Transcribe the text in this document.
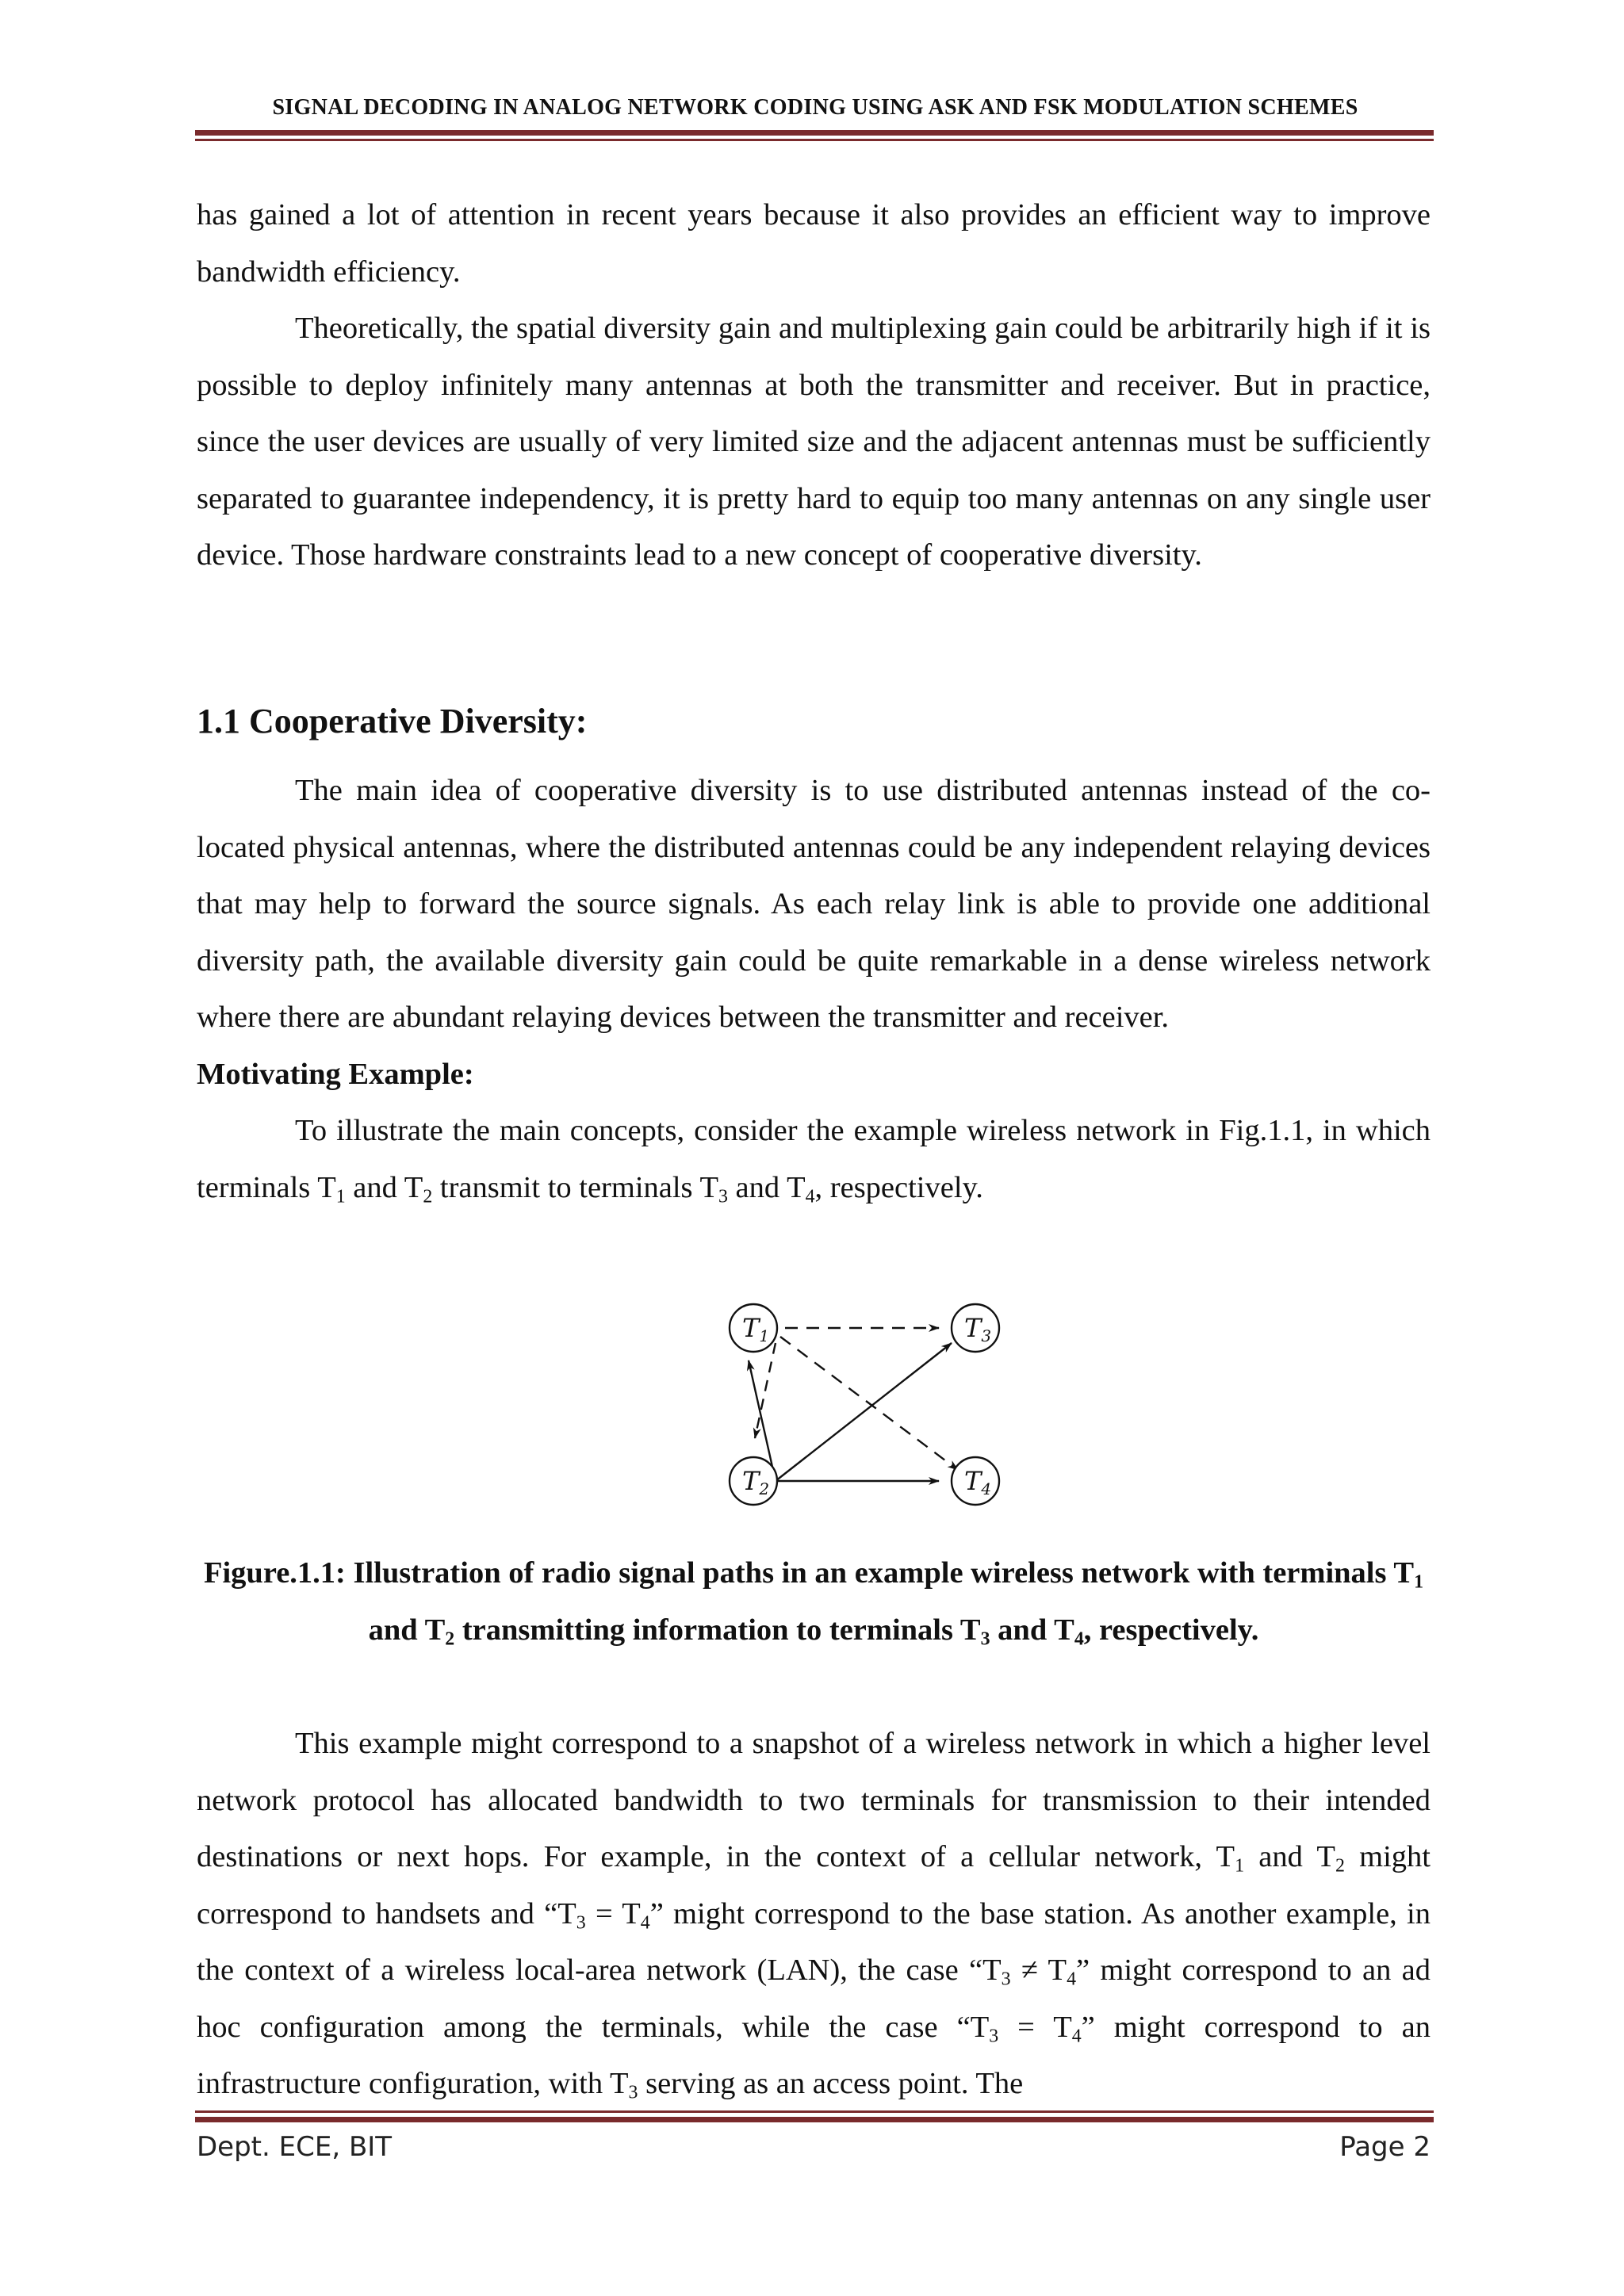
SIGNAL DECODING IN ANALOG NETWORK CODING USING ASK AND FSK MODULATION SCHEMES

has gained a lot of attention in recent years because it also provides an efficient way to improve bandwidth efficiency.

Theoretically, the spatial diversity gain and multiplexing gain could be arbitrarily high if it is possible to deploy infinitely many antennas at both the transmitter and receiver. But in practice, since the user devices are usually of very limited size and the adjacent antennas must be sufficiently separated to guarantee independency, it is pretty hard to equip too many antennas on any single user device. Those hardware constraints lead to a new concept of cooperative diversity.

1.1 Cooperative Diversity:

The main idea of cooperative diversity is to use distributed antennas instead of the co-located physical antennas, where the distributed antennas could be any independent relaying devices that may help to forward the source signals. As each relay link is able to provide one additional diversity path, the available diversity gain could be quite remarkable in a dense wireless network where there are abundant relaying devices between the transmitter and receiver.

Motivating Example:

To illustrate the main concepts, consider the example wireless network in Fig.1.1, in which terminals $T_1$ and $T_2$ transmit to terminals $T_3$ and $T_4$, respectively.

T1	T3
T2	T4

Figure.1.1: Illustration of radio signal paths in an example wireless network with terminals $T_1$ and $T_2$ transmitting information to terminals $T_3$ and $T_4$, respectively.

This example might correspond to a snapshot of a wireless network in which a higher level network protocol has allocated bandwidth to two terminals for transmission to their intended destinations or next hops. For example, in the context of a cellular network, $T_1$ and $T_2$ might correspond to handsets and “$T_3 = T_4$” might correspond to the base station. As another example, in the context of a wireless local-area network (LAN), the case “$T_3 \ne T_4$” might correspond to an ad hoc configuration among the terminals, while the case “$T_3 = T_4$” might correspond to an infrastructure configuration, with $T_3$ serving as an access point. The

Dept. ECE, BIT	Page 2
